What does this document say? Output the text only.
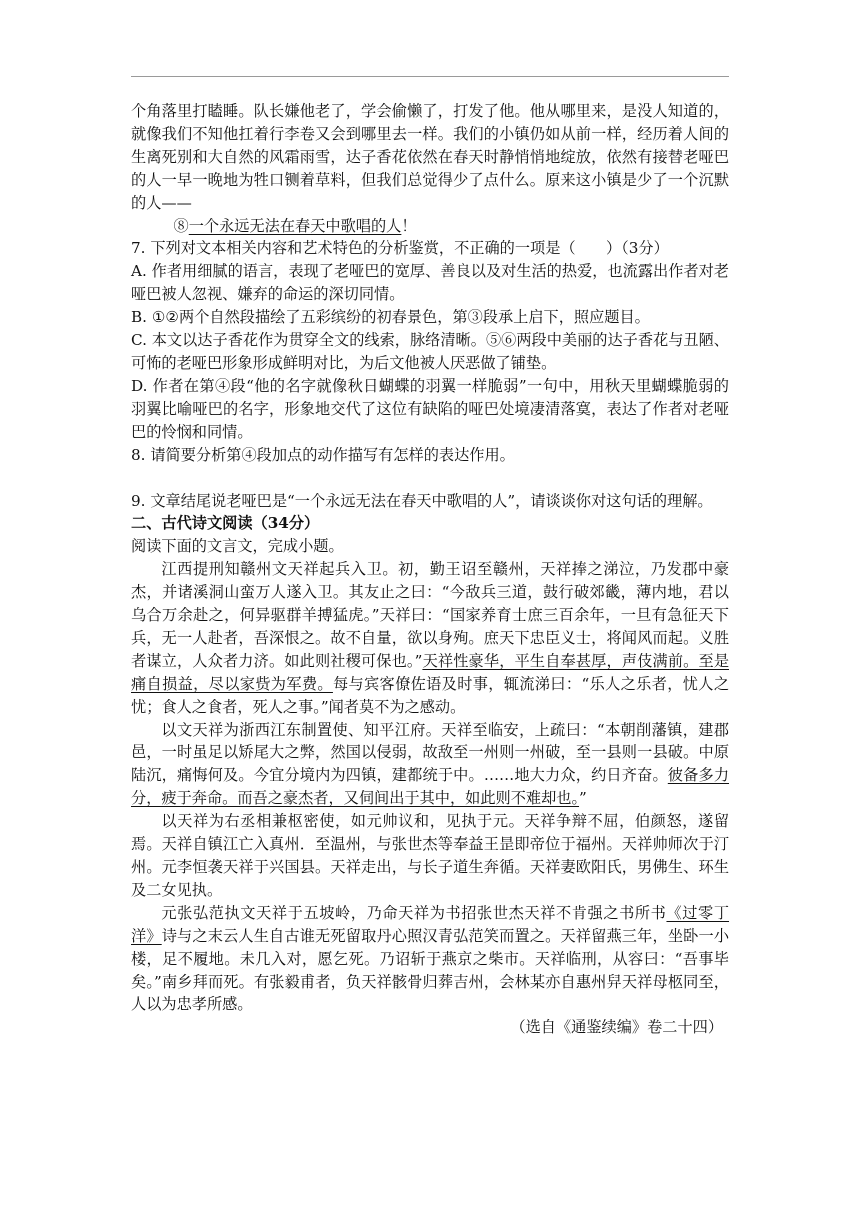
个角落里打瞌睡。队长嫌他老了，学会偷懒了，打发了他。他从哪里来，是没人知道的，就像我们不知他扛着行李卷又会到哪里去一样。我们的小镇仍如从前一样，经历着人间的生离死别和大自然的风霜雨雪，达子香花依然在春天时静悄悄地绽放，依然有接替老哑巴的人一早一晚地为牲口铡着草料，但我们总觉得少了点什么。原来这小镇是少了一个沉默的人——

⑧一个永远无法在春天中歌唱的人！

7. 下列对文本相关内容和艺术特色的分析鉴赏，不正确的一项是（　　）（3分）

A. 作者用细腻的语言，表现了老哑巴的宽厚、善良以及对生活的热爱，也流露出作者对老哑巴被人忽视、嫌弃的命运的深切同情。

B. ①②两个自然段描绘了五彩缤纷的初春景色，第③段承上启下，照应题目。

C. 本文以达子香花作为贯穿全文的线索，脉络清晰。⑤⑥两段中美丽的达子香花与丑陋、可怖的老哑巴形象形成鲜明对比，为后文他被人厌恶做了铺垫。

D. 作者在第④段“他的名字就像秋日蝴蝶的羽翼一样脆弱”一句中，用秋天里蝴蝶脆弱的羽翼比喻哑巴的名字，形象地交代了这位有缺陷的哑巴处境凄清落寞，表达了作者对老哑巴的怜悯和同情。

8. 请简要分析第④段加点的动作描写有怎样的表达作用。

9. 文章结尾说老哑巴是“一个永远无法在春天中歌唱的人”，请谈谈你对这句话的理解。

二、古代诗文阅读（34分）

阅读下面的文言文，完成小题。

江西提刑知赣州文天祥起兵入卫。初，勤王诏至赣州，天祥捧之涕泣，乃发郡中豪杰，并诸溪洞山蛮万人遂入卫。其友止之曰：“今敌兵三道，鼓行破郊畿，薄内地，君以乌合万余赴之，何异驱群羊搏猛虎。”天祥曰：“国家养育士庶三百余年，一旦有急征天下兵，无一人赴者，吾深恨之。故不自量，欲以身殉。庶天下忠臣义士，将闻风而起。义胜者谋立，人众者力济。如此则社稷可保也。”天祥性豪华，平生自奉甚厚，声伎满前。至是痛自损益，尽以家赀为军费。每与宾客僚佐语及时事，辄流涕曰：“乐人之乐者，忧人之忧；食人之食者，死人之事。”闻者莫不为之感动。

以文天祥为浙西江东制置使、知平江府。天祥至临安，上疏曰：“本朝削藩镇，建郡邑，一时虽足以矫尾大之弊，然国以侵弱，故敌至一州则一州破，至一县则一县破。中原陆沉，痛悔何及。今宜分境内为四镇，建都统于中。……地大力众，约日齐奋。彼备多力分，疲于奔命。而吾之豪杰者，又伺间出于其中，如此则不难却也。”

以天祥为右丞相兼枢密使，如元帅议和，见执于元。天祥争辩不屈，伯颜怒，遂留焉。天祥自镇江亡入真州．至温州，与张世杰等奉益王昰即帝位于福州。天祥帅师次于汀州。元李恒袭天祥于兴国县。天祥走出，与长子道生奔循。天祥妻欧阳氏，男佛生、环生及二女见执。

元张弘范执文天祥于五坡岭，乃命天祥为书招张世杰天祥不肯强之书所书《过零丁洋》诗与之末云人生自古谁无死留取丹心照汉青弘范笑而置之。天祥留燕三年，坐卧一小楼，足不履地。未几入对，愿乞死。乃诏斩于燕京之柴市。天祥临刑，从容曰：“吾事毕矣。”南乡拜而死。有张毅甫者，负天祥骸骨归葬吉州，会林某亦自惠州舁天祥母柩同至，人以为忠孝所感。

（选自《通鉴续编》卷二十四）
